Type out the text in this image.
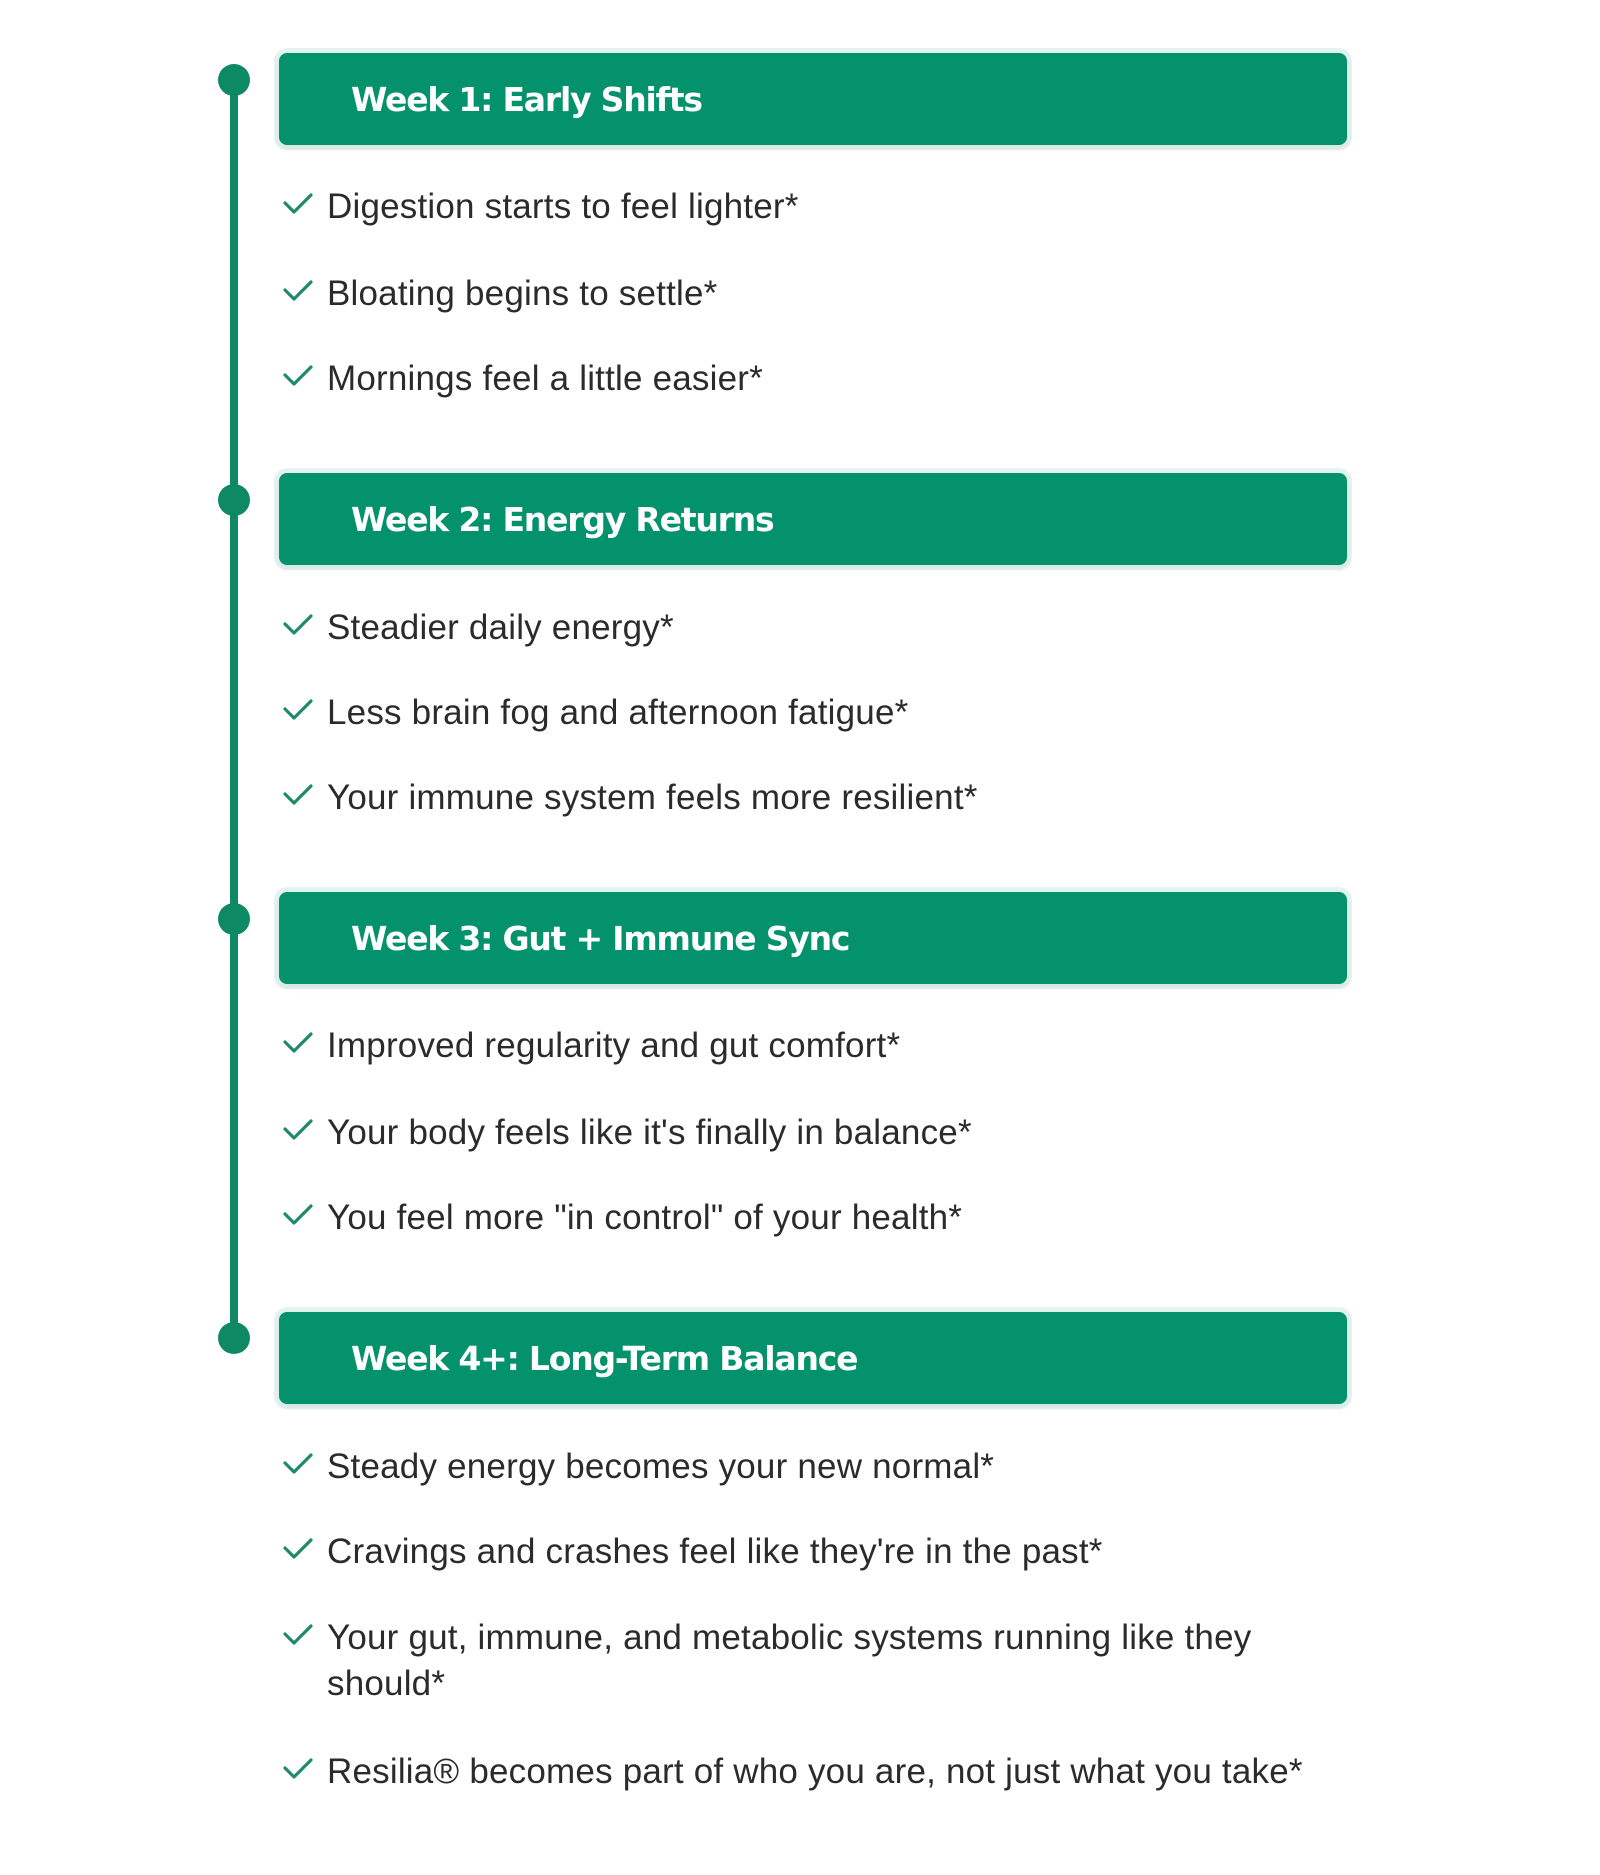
Week 1: Early Shifts
Digestion starts to feel lighter*
Bloating begins to settle*
Mornings feel a little easier*
Week 2: Energy Returns
Steadier daily energy*
Less brain fog and afternoon fatigue*
Your immune system feels more resilient*
Week 3: Gut + Immune Sync
Improved regularity and gut comfort*
Your body feels like it's finally in balance*
You feel more "in control" of your health*
Week 4+: Long-Term Balance
Steady energy becomes your new normal*
Cravings and crashes feel like they're in the past*
Your gut, immune, and metabolic systems running like they should*
Resilia® becomes part of who you are, not just what you take*
